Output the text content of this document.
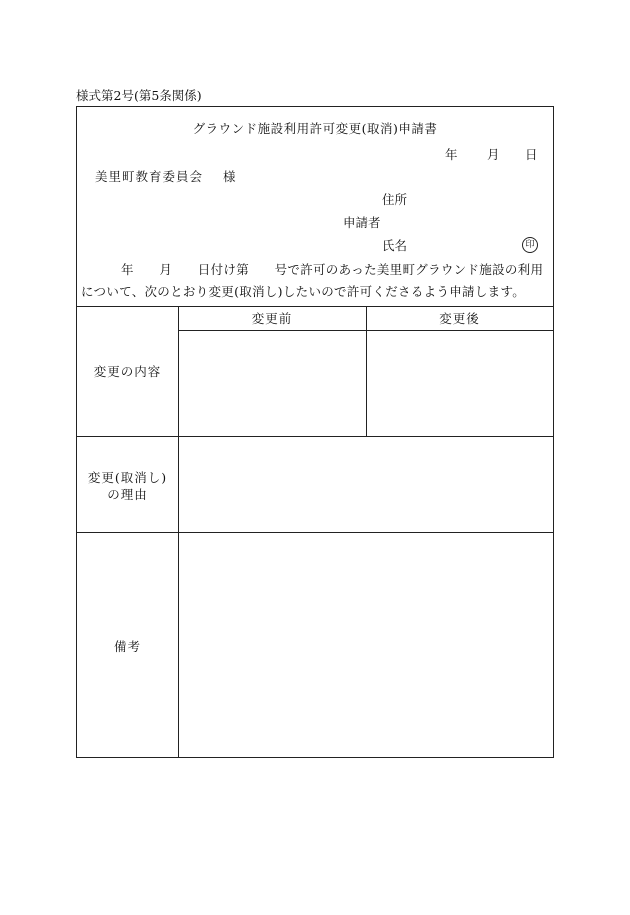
様式第2号(第5条関係)
グラウンド施設利用許可変更(取消)申請書
年 月 日
美里町教育委員会 様
住所
申請者
氏名	印
年　　月　　日付け第　　号で許可のあった美里町グラウンド施設の利用
について、次のとおり変更(取消し)したいので許可くださるよう申請します。
変更前	変更後
変更の内容
変更(取消し)
の理由
備考
